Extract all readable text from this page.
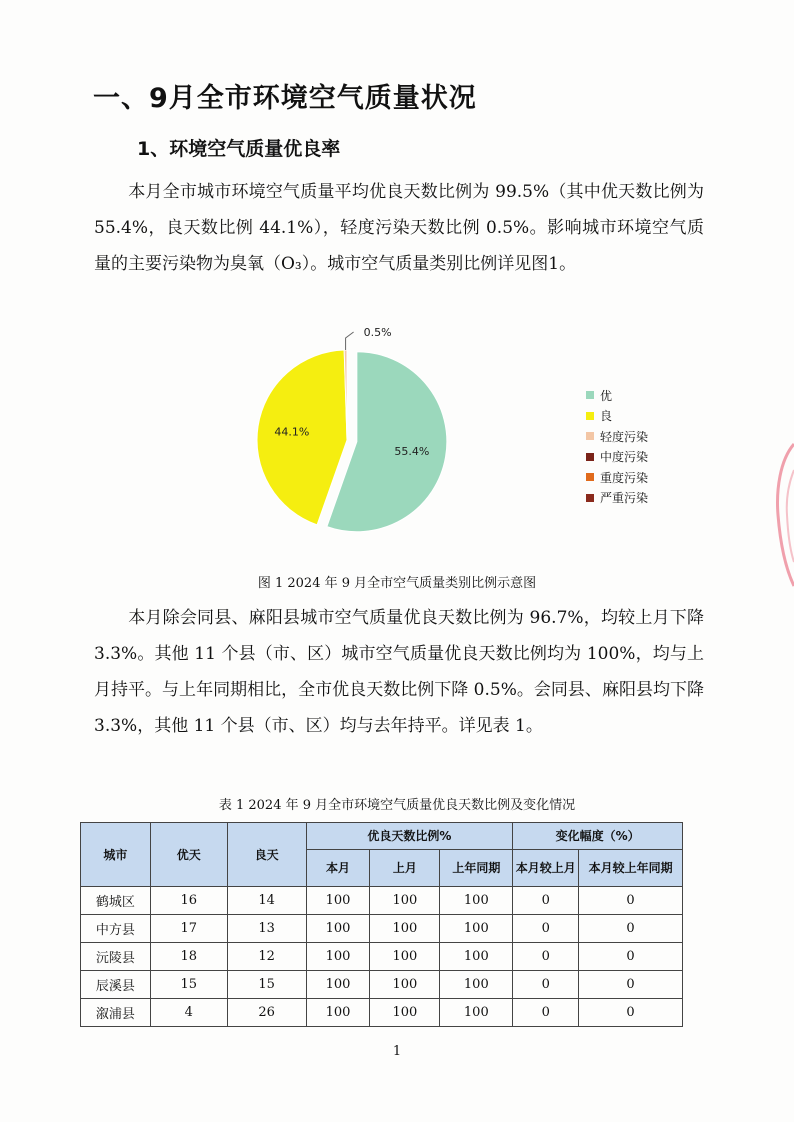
一、9月全市环境空气质量状况
1、环境空气质量优良率
本月全市城市环境空气质量平均优良天数比例为 99.5%（其中优天数比例为 55.4%，良天数比例 44.1%），轻度污染天数比例 0.5%。影响城市环境空气质量的主要污染物为臭氧（O₃）。城市空气质量类别比例详见图1。
55.4%
44.1%
0.5%
优
良
轻度污染
中度污染
重度污染
严重污染
图 1 2024 年 9 月全市空气质量类别比例示意图
本月除会同县、麻阳县城市空气质量优良天数比例为 96.7%，均较上月下降 3.3%。其他 11 个县（市、区）城市空气质量优良天数比例均为 100%，均与上月持平。与上年同期相比，全市优良天数比例下降 0.5%。会同县、麻阳县均下降 3.3%，其他 11 个县（市、区）均与去年持平。详见表 1。
表 1 2024 年 9 月全市环境空气质量优良天数比例及变化情况
城市	优天	良天	优良天数比例%			变化幅度（%）	
			本月	上月	上年同期	本月较上月	本月较上年同期
鹤城区	16	14	100	100	100	0	0
中方县	17	13	100	100	100	0	0
沅陵县	18	12	100	100	100	0	0
辰溪县	15	15	100	100	100	0	0
溆浦县	4	26	100	100	100	0	0
1
